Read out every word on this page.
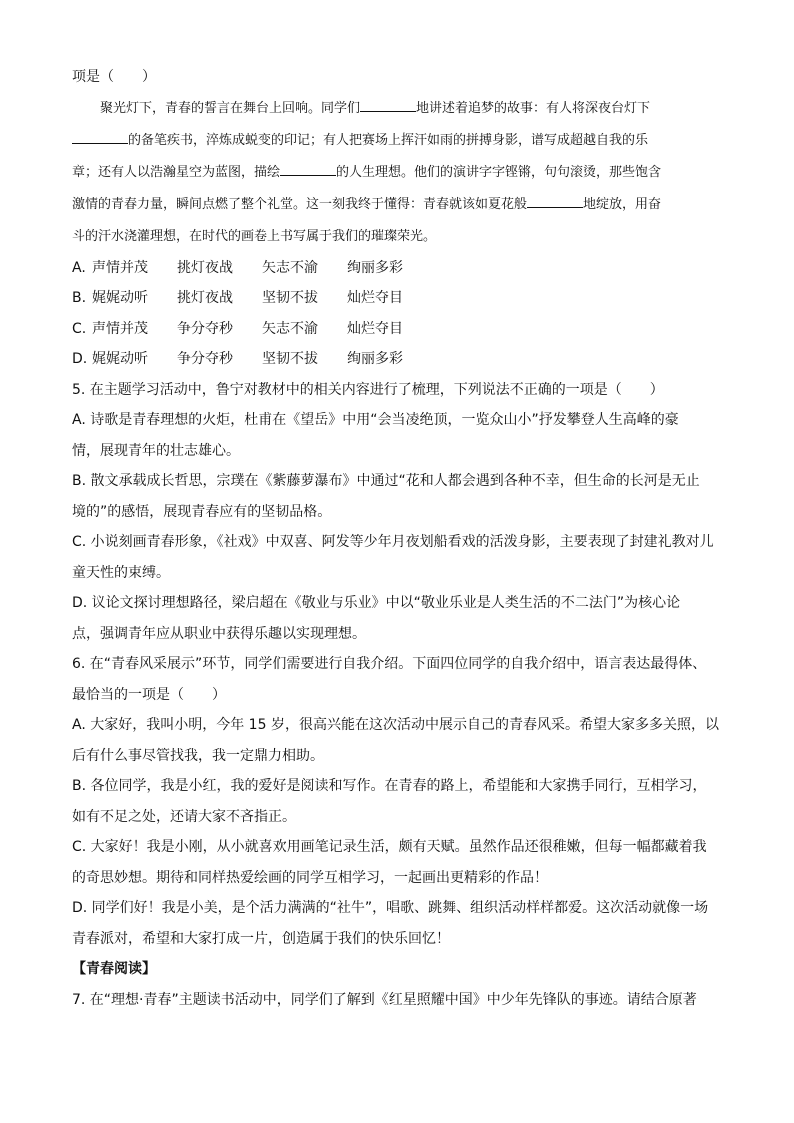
项是（　　）

聚光灯下，青春的誓言在舞台上回响。同学们	地讲述着追梦的故事：有人将深夜台灯下

的备笔疾书，淬炼成蜕变的印记；有人把赛场上挥汗如雨的拼搏身影，谱写成超越自我的乐

章；还有人以浩瀚星空为蓝图，描绘	的人生理想。他们的演讲字字铿锵，句句滚烫，那些饱含

激情的青春力量，瞬间点燃了整个礼堂。这一刻我终于懂得：青春就该如夏花般	地绽放，用奋

斗的汗水浇灌理想，在时代的画卷上书写属于我们的璀璨荣光。

A. 声情并茂 挑灯夜战 矢志不渝 绚丽多彩

B. 娓娓动听 挑灯夜战 坚韧不拔 灿烂夺目

C. 声情并茂 争分夺秒 矢志不渝 灿烂夺目

D. 娓娓动听 争分夺秒 坚韧不拔 绚丽多彩

5. 在主题学习活动中，鲁宁对教材中的相关内容进行了梳理，下列说法不正确的一项是（　　）

A. 诗歌是青春理想的火炬，杜甫在《望岳》中用“会当凌绝顶，一览众山小”抒发攀登人生高峰的豪

情，展现青年的壮志雄心。

B. 散文承载成长哲思，宗璞在《紫藤萝瀑布》中通过“花和人都会遇到各种不幸，但生命的长河是无止

境的”的感悟，展现青春应有的坚韧品格。

C. 小说刻画青春形象，《社戏》中双喜、阿发等少年月夜划船看戏的活泼身影，主要表现了封建礼教对儿

童天性的束缚。

D. 议论文探讨理想路径，梁启超在《敬业与乐业》中以“敬业乐业是人类生活的不二法门”为核心论

点，强调青年应从职业中获得乐趣以实现理想。

6. 在“青春风采展示”环节，同学们需要进行自我介绍。下面四位同学的自我介绍中，语言表达最得体、

最恰当的一项是（　　）

A. 大家好，我叫小明，今年 15 岁，很高兴能在这次活动中展示自己的青春风采。希望大家多多关照，以

后有什么事尽管找我，我一定鼎力相助。

B. 各位同学，我是小红，我的爱好是阅读和写作。在青春的路上，希望能和大家携手同行，互相学习，

如有不足之处，还请大家不吝指正。

C. 大家好！我是小刚，从小就喜欢用画笔记录生活，颇有天赋。虽然作品还很稚嫩，但每一幅都藏着我

的奇思妙想。期待和同样热爱绘画的同学互相学习，一起画出更精彩的作品！

D. 同学们好！我是小美，是个活力满满的“社牛”，唱歌、跳舞、组织活动样样都爱。这次活动就像一场

青春派对，希望和大家打成一片，创造属于我们的快乐回忆！

【青春阅读】

7. 在“理想·青春”主题读书活动中，同学们了解到《红星照耀中国》中少年先锋队的事迹。请结合原著
